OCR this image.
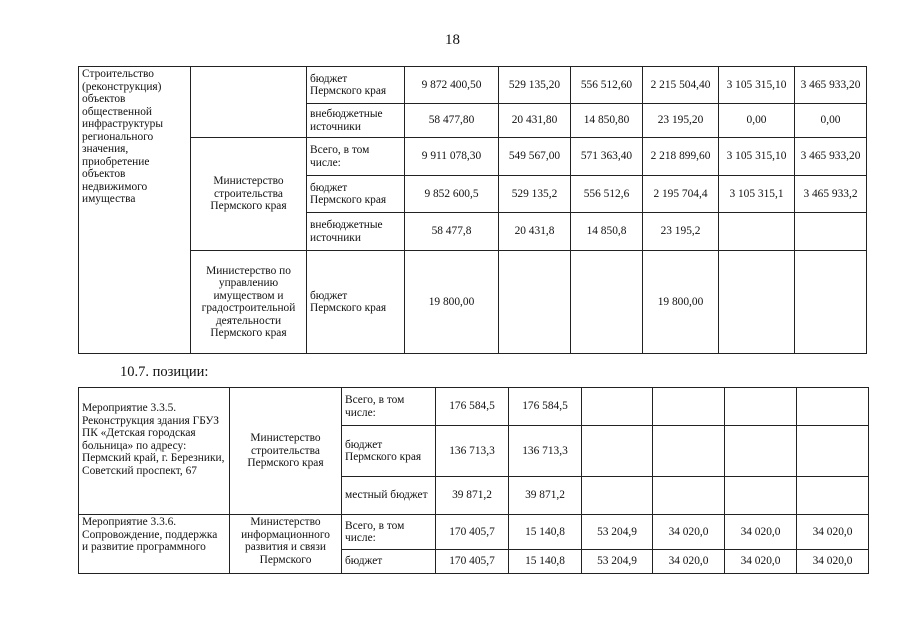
18
Строительство (реконструкция) объектов общественной инфраструктуры регионального значения, приобретение объектов недвижимого имущества		бюджет Пермского края	9 872 400,50	529 135,20	556 512,60	2 215 504,40	3 105 315,10	3 465 933,20
		внебюджетные источники	58 477,80	20 431,80	14 850,80	23 195,20	0,00	0,00
	Министерство строительства Пермского края	Всего, в том числе:	9 911 078,30	549 567,00	571 363,40	2 218 899,60	3 105 315,10	3 465 933,20
		бюджет Пермского края	9 852 600,5	529 135,2	556 512,6	2 195 704,4	3 105 315,1	3 465 933,2
		внебюджетные источники	58 477,8	20 431,8	14 850,8	23 195,2		
	Министерство по управлению имуществом и градостроительной деятельности Пермского края	бюджет Пермского края	19 800,00			19 800,00		
10.7. позиции:
Мероприятие 3.3.5. Реконструкция здания ГБУЗ ПК «Детская городская больница» по адресу: Пермский край, г. Березники, Советский проспект, 67	Министерство строительства Пермского края	Всего, в том числе:	176 584,5	176 584,5				
		бюджет Пермского края	136 713,3	136 713,3				
		местный бюджет	39 871,2	39 871,2				
Мероприятие 3.3.6. Сопровождение, поддержка и развитие программного	Министерство информационного развития и связи Пермского	Всего, в том числе:	170 405,7	15 140,8	53 204,9	34 020,0	34 020,0	34 020,0
		бюджет	170 405,7	15 140,8	53 204,9	34 020,0	34 020,0	34 020,0
